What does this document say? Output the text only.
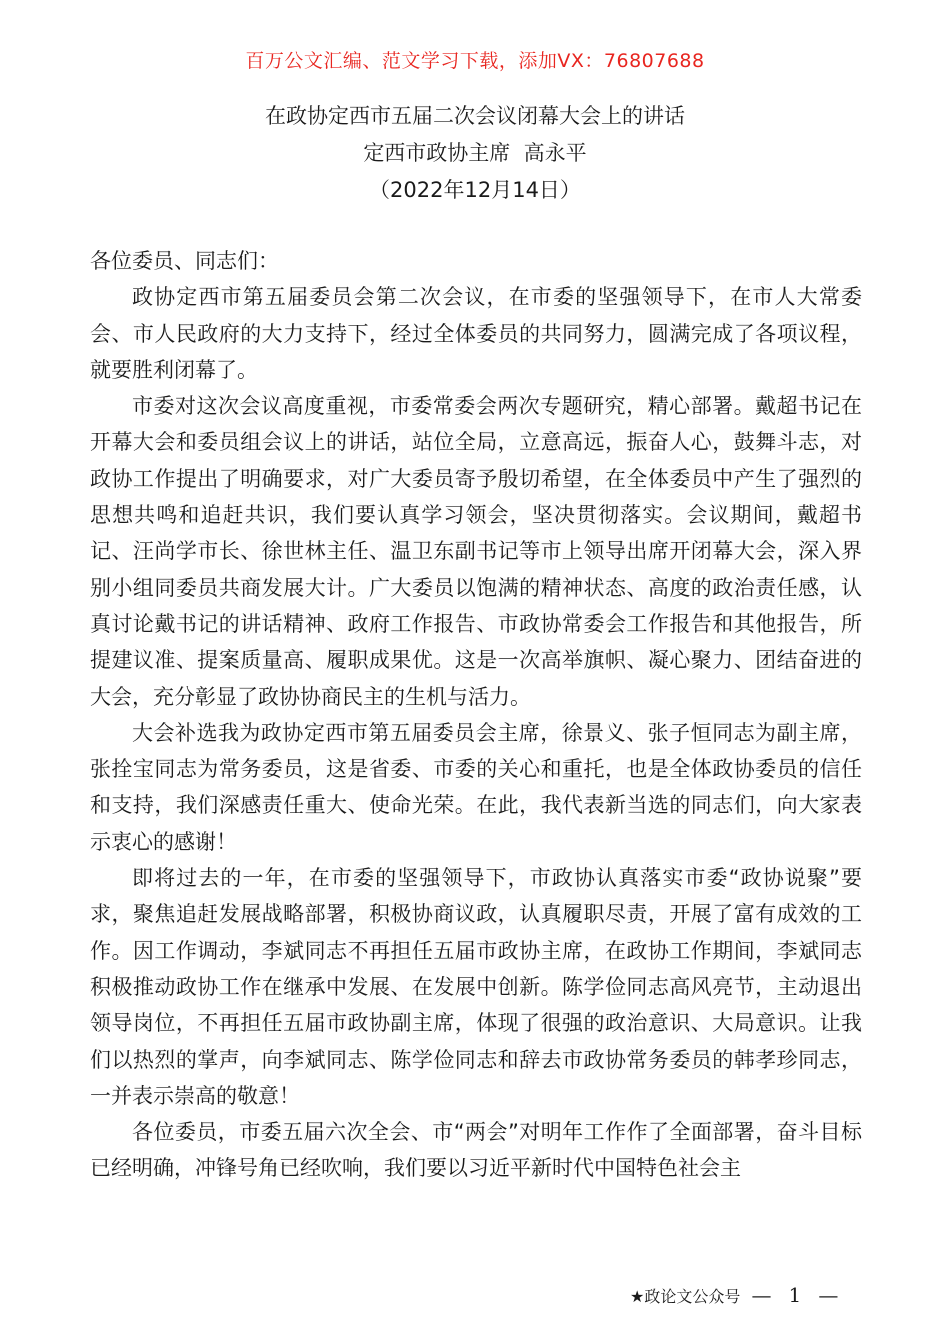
百万公文汇编、范文学习下载，添加VX：76807688
在政协定西市五届二次会议闭幕大会上的讲话
定西市政协主席  高永平
（2022年12月14日）

各位委员、同志们：

政协定西市第五届委员会第二次会议，在市委的坚强领导下，在市人大常委会、市人民政府的大力支持下，经过全体委员的共同努力，圆满完成了各项议程，就要胜利闭幕了。

市委对这次会议高度重视，市委常委会两次专题研究，精心部署。戴超书记在开幕大会和委员组会议上的讲话，站位全局，立意高远，振奋人心，鼓舞斗志，对政协工作提出了明确要求，对广大委员寄予殷切希望，在全体委员中产生了强烈的思想共鸣和追赶共识，我们要认真学习领会，坚决贯彻落实。会议期间，戴超书记、汪尚学市长、徐世林主任、温卫东副书记等市上领导出席开闭幕大会，深入界别小组同委员共商发展大计。广大委员以饱满的精神状态、高度的政治责任感，认真讨论戴书记的讲话精神、政府工作报告、市政协常委会工作报告和其他报告，所提建议准、提案质量高、履职成果优。这是一次高举旗帜、凝心聚力、团结奋进的大会，充分彰显了政协协商民主的生机与活力。

大会补选我为政协定西市第五届委员会主席，徐景义、张子恒同志为副主席，张拴宝同志为常务委员，这是省委、市委的关心和重托，也是全体政协委员的信任和支持，我们深感责任重大、使命光荣。在此，我代表新当选的同志们，向大家表示衷心的感谢！

即将过去的一年，在市委的坚强领导下，市政协认真落实市委“政协说聚”要求，聚焦追赶发展战略部署，积极协商议政，认真履职尽责，开展了富有成效的工作。因工作调动，李斌同志不再担任五届市政协主席，在政协工作期间，李斌同志积极推动政协工作在继承中发展、在发展中创新。陈学俭同志高风亮节，主动退出领导岗位，不再担任五届市政协副主席，体现了很强的政治意识、大局意识。让我们以热烈的掌声，向李斌同志、陈学俭同志和辞去市政协常务委员的韩孝珍同志，一并表示崇高的敬意！

各位委员，市委五届六次全会、市“两会”对明年工作作了全面部署，奋斗目标已经明确，冲锋号角已经吹响，我们要以习近平新时代中国特色社会主

★政论文公众号 — 1 —
